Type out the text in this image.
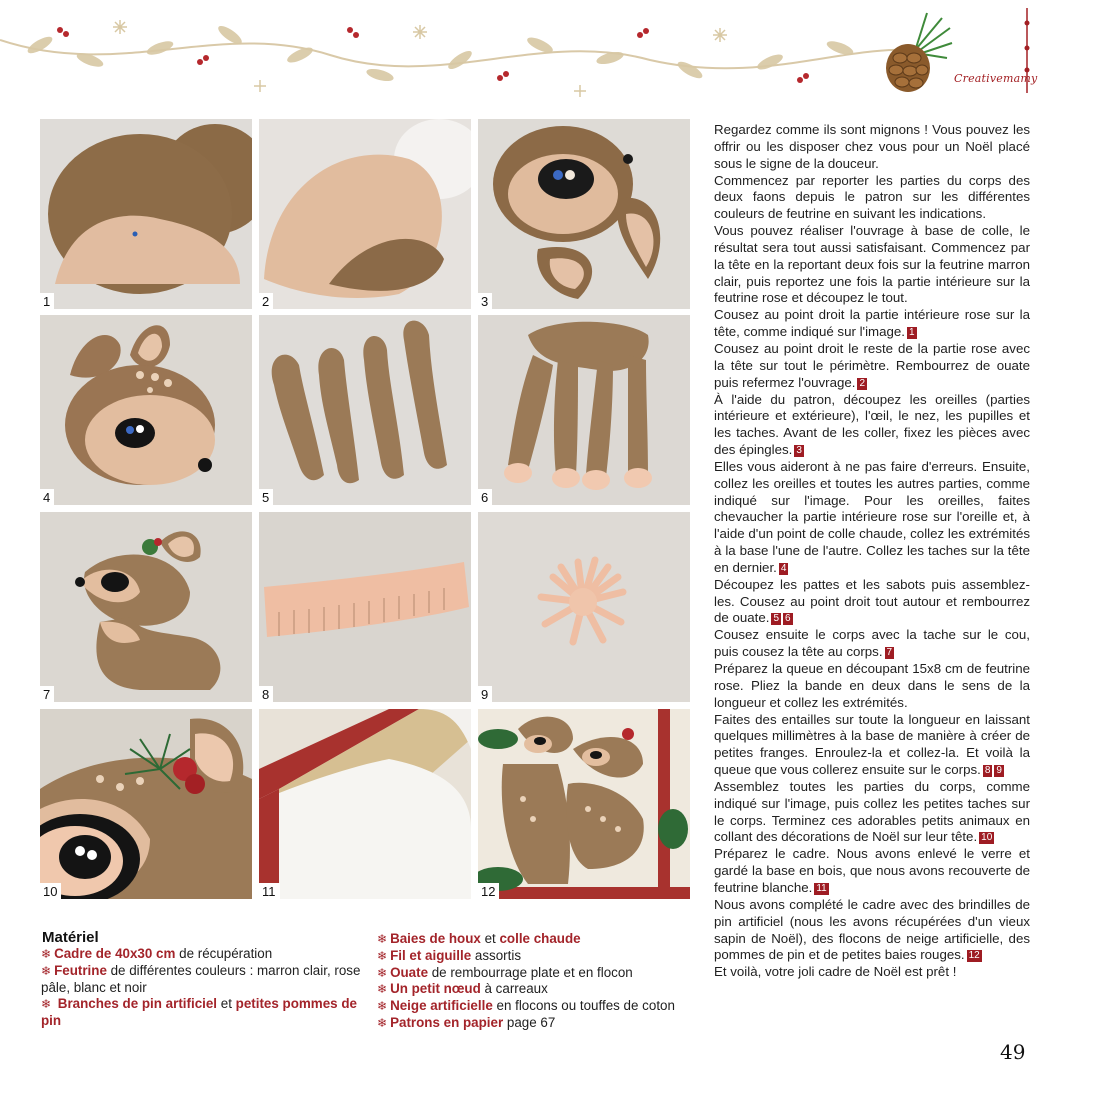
Creativemamy
1	2	3
4	5	6
7	8	9
10	11	12
Matériel

❄ Cadre de 40x30 cm de récupération

❄ Feutrine de différentes couleurs : marron clair, rose pâle, blanc et noir

❄ Branches de pin artificiel et petites pommes de pin

❄ Baies de houx et colle chaude

❄ Fil et aiguille assortis

❄ Ouate de rembourrage plate et en flocon

❄ Un petit nœud à carreaux

❄ Neige artificielle en flocons ou touffes de coton

❄ Patrons en papier page 67

Regardez comme ils sont mignons ! Vous pouvez les offrir ou les disposer chez vous pour un Noël placé sous le signe de la douceur.

Commencez par reporter les parties du corps des deux faons depuis le patron sur les différentes couleurs de feutrine en suivant les indications.

Vous pouvez réaliser l'ouvrage à base de colle, le résultat sera tout aussi satisfaisant. Commencez par la tête en la reportant deux fois sur la feutrine marron clair, puis reportez une fois la partie intérieure sur la feutrine rose et découpez le tout.

Cousez au point droit la partie intérieure rose sur la tête, comme indiqué sur l'image. 1

Cousez au point droit le reste de la partie rose avec la tête sur tout le périmètre. Rembourrez de ouate puis refermez l'ouvrage. 2

À l'aide du patron, découpez les oreilles (parties intérieure et extérieure), l'œil, le nez, les pupilles et les taches. Avant de les coller, fixez les pièces avec des épingles. 3

Elles vous aideront à ne pas faire d'erreurs. Ensuite, collez les oreilles et toutes les autres parties, comme indiqué sur l'image. Pour les oreilles, faites chevaucher la partie intérieure rose sur l'oreille et, à l'aide d'un point de colle chaude, collez les extrémités à la base l'une de l'autre. Collez les taches sur la tête en dernier. 4

Découpez les pattes et les sabots puis assemblez-les. Cousez au point droit tout autour et rembourrez de ouate. 5 6

Cousez ensuite le corps avec la tache sur le cou, puis cousez la tête au corps. 7

Préparez la queue en découpant 15x8 cm de feutrine rose. Pliez la bande en deux dans le sens de la longueur et collez les extrémités.

Faites des entailles sur toute la longueur en laissant quelques millimètres à la base de manière à créer de petites franges. Enroulez-la et collez-la. Et voilà la queue que vous collerez ensuite sur le corps. 8 9

Assemblez toutes les parties du corps, comme indiqué sur l'image, puis collez les petites taches sur le corps. Terminez ces adorables petits animaux en collant des décorations de Noël sur leur tête. 10

Préparez le cadre. Nous avons enlevé le verre et gardé la base en bois, que nous avons recouverte de feutrine blanche. 11

Nous avons complété le cadre avec des brindilles de pin artificiel (nous les avons récupérées d'un vieux sapin de Noël), des flocons de neige artificielle, des pommes de pin et de petites baies rouges. 12

Et voilà, votre joli cadre de Noël est prêt !

49
